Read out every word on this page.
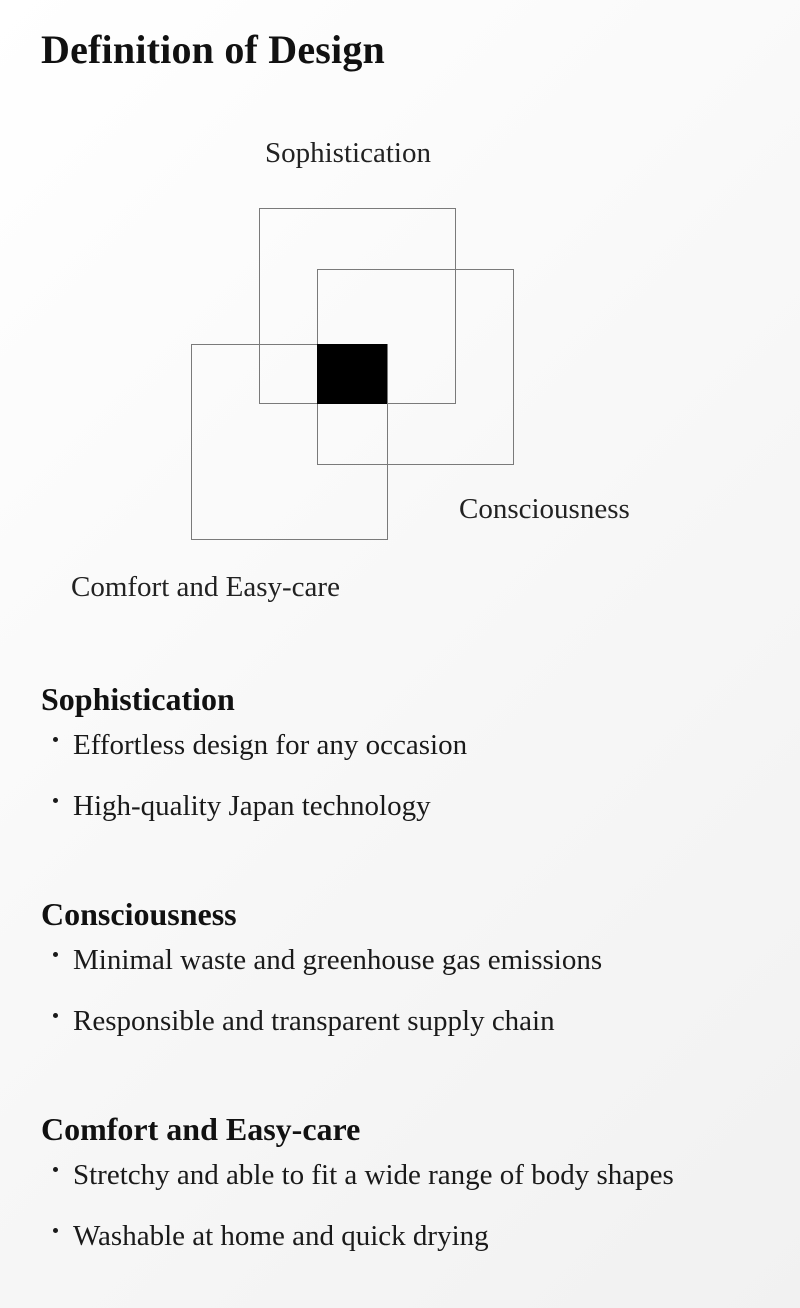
Definition of Design
Sophistication
Consciousness
Comfort and Easy-care
Sophistication
Effortless design for any occasion
High-quality Japan technology
Consciousness
Minimal waste and greenhouse gas emissions
Responsible and transparent supply chain
Comfort and Easy-care
Stretchy and able to fit a wide range of body shapes
Washable at home and quick drying
